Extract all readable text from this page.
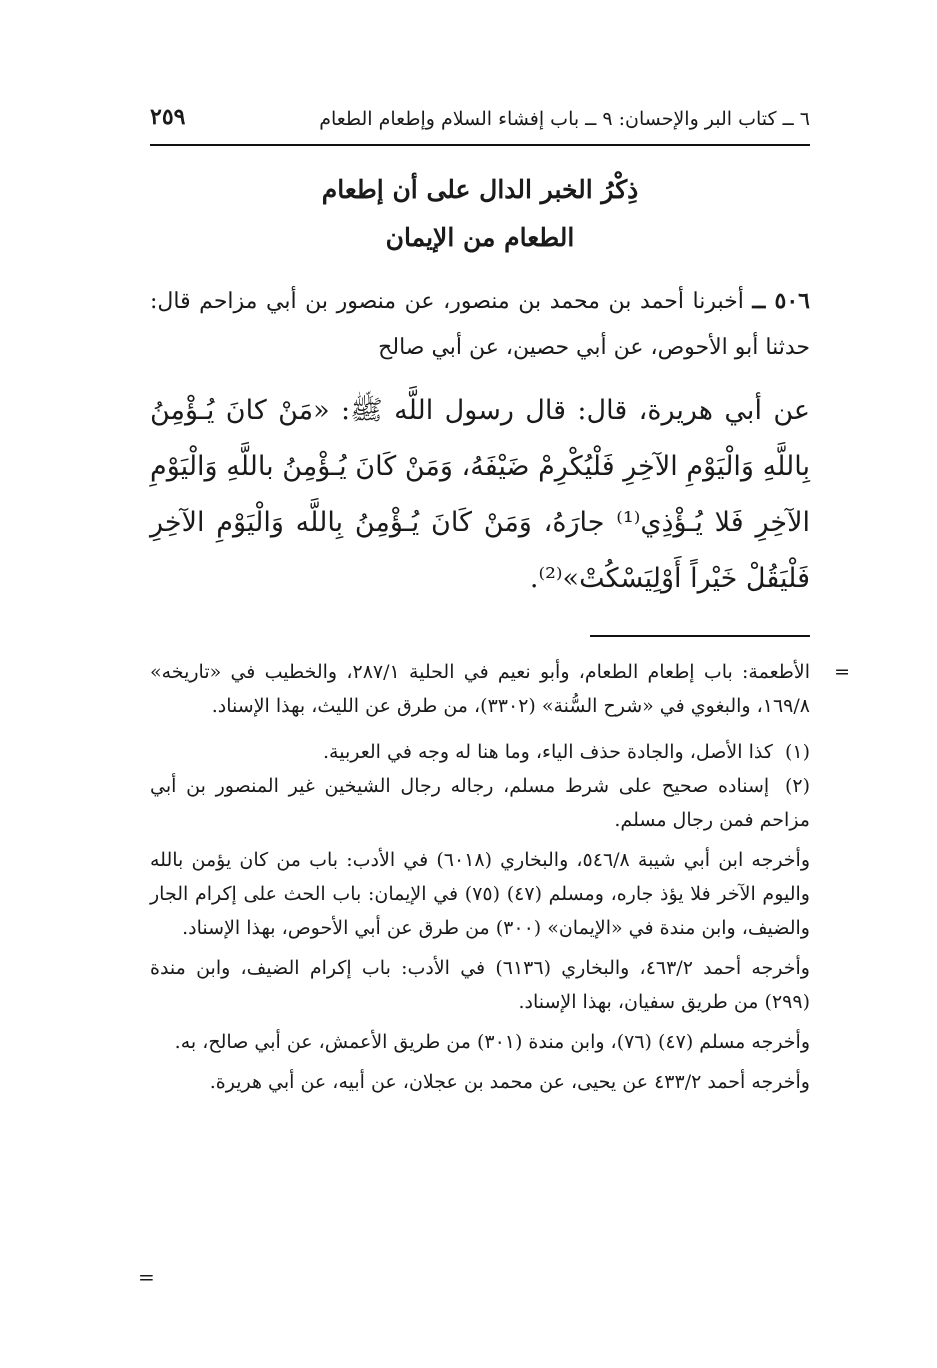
٦ ــ كتاب البر والإحسان: ٩ ــ باب إفشاء السلام وإطعام الطعام
٢٥٩
ذِكْرُ الخبر الدال على أن إطعام
الطعام من الإيمان
٥٠٦ ــ أخبرنا أحمد بن محمد بن منصور، عن منصور بن أبي مزاحم قال: حدثنا أبو الأحوص، عن أبي حصين، عن أبي صالح
عن أبي هريرة، قال: قال رسول اللَّه ﷺ: «مَنْ كانَ يُـؤْمِنُ بِاللَّهِ وَالْيَوْمِ الآخِرِ فَلْيُكْرِمْ ضَيْفَهُ، وَمَنْ كَانَ يُـؤْمِنُ باللَّهِ وَالْيَوْمِ الآخِرِ فَلا يُـؤْذِي⁽¹⁾ جارَهُ، وَمَنْ كَانَ يُـؤْمِنُ بِاللَّه وَالْيَوْمِ الآخِرِ فَلْيَقُلْ خَيْراً أَوْلِيَسْكُتْ»⁽²⁾.
=
الأطعمة: باب إطعام الطعام، وأبو نعيم في الحلية ٢٨٧/١، والخطيب في «تاريخه» ١٦٩/٨، والبغوي في «شرح السُّنة» (٣٣٠٢)، من طرق عن الليث، بهذا الإسناد.
(١) كذا الأصل، والجادة حذف الياء، وما هنا له وجه في العربية.
(٢) إسناده صحيح على شرط مسلم، رجاله رجال الشيخين غير المنصور بن أبي مزاحم فمن رجال مسلم.
وأخرجه ابن أبي شيبة ٥٤٦/٨، والبخاري (٦٠١٨) في الأدب: باب من كان يؤمن بالله واليوم الآخر فلا يؤذ جاره، ومسلم (٤٧) (٧٥) في الإيمان: باب الحث على إكرام الجار والضيف، وابن مندة في «الإيمان» (٣٠٠) من طرق عن أبي الأحوص، بهذا الإسناد.
وأخرجه أحمد ٤٦٣/٢، والبخاري (٦١٣٦) في الأدب: باب إكرام الضيف، وابن مندة (٢٩٩) من طريق سفيان، بهذا الإسناد.
وأخرجه مسلم (٤٧) (٧٦)، وابن مندة (٣٠١) من طريق الأعمش، عن أبي صالح، به.
وأخرجه أحمد ٤٣٣/٢ عن يحيى، عن محمد بن عجلان، عن أبيه، عن أبي هريرة.
=
